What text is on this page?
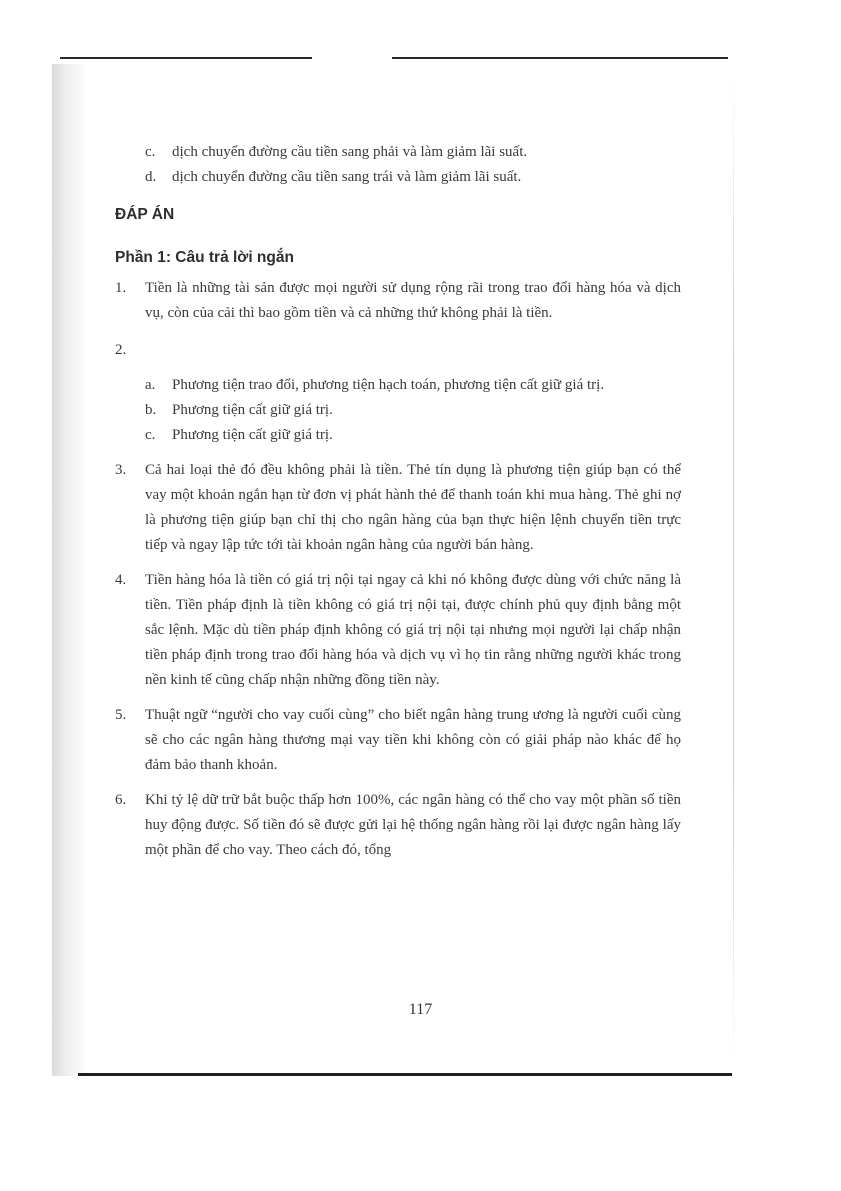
c.	dịch chuyển đường cầu tiền sang phải và làm giảm lãi suất.
d.	dịch chuyển đường cầu tiền sang trái và làm giảm lãi suất.
ĐÁP ÁN
Phần 1: Câu trả lời ngắn
1.	Tiền là những tài sản được mọi người sử dụng rộng rãi trong trao đổi hàng hóa và dịch vụ, còn của cải thì bao gồm tiền và cả những thứ không phải là tiền.
2.
a.	Phương tiện trao đổi, phương tiện hạch toán, phương tiện cất giữ giá trị.
b.	Phương tiện cất giữ giá trị.
c.	Phương tiện cất giữ giá trị.
3.	Cả hai loại thẻ đó đều không phải là tiền. Thẻ tín dụng là phương tiện giúp bạn có thể vay một khoản ngắn hạn từ đơn vị phát hành thẻ để thanh toán khi mua hàng. Thẻ ghi nợ là phương tiện giúp bạn chỉ thị cho ngân hàng của bạn thực hiện lệnh chuyển tiền trực tiếp và ngay lập tức tới tài khoản ngân hàng của người bán hàng.
4.	Tiền hàng hóa là tiền có giá trị nội tại ngay cả khi nó không được dùng với chức năng là tiền. Tiền pháp định là tiền không có giá trị nội tại, được chính phủ quy định bằng một sắc lệnh. Mặc dù tiền pháp định không có giá trị nội tại nhưng mọi người lại chấp nhận tiền pháp định trong trao đổi hàng hóa và dịch vụ vì họ tin rằng những người khác trong nền kinh tế cũng chấp nhận những đồng tiền này.
5.	Thuật ngữ “người cho vay cuối cùng” cho biết ngân hàng trung ương là người cuối cùng sẽ cho các ngân hàng thương mại vay tiền khi không còn có giải pháp nào khác để họ đảm bảo thanh khoản.
6.	Khi tỷ lệ dữ trữ bắt buộc thấp hơn 100%, các ngân hàng có thể cho vay một phần số tiền huy động được. Số tiền đó sẽ được gửi lại hệ thống ngân hàng rồi lại được ngân hàng lấy một phần để cho vay. Theo cách đó, tổng
117
